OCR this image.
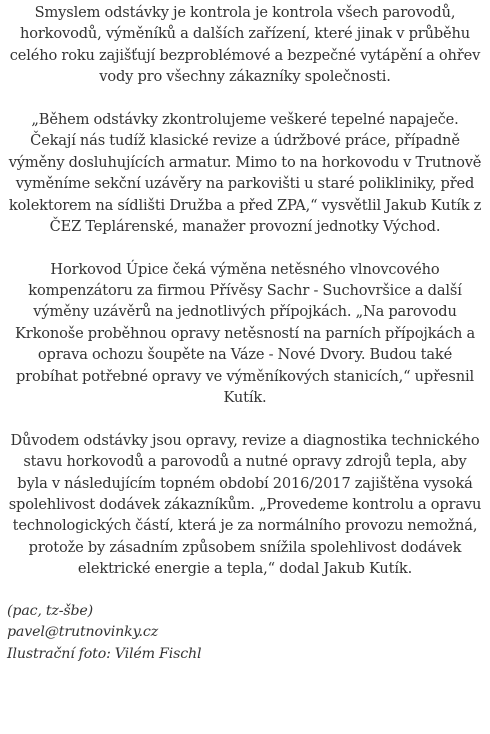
Smyslem odstávky je kontrola je kontrola všech parovodů, horkovodů, výměníků a dalších zařízení, které jinak v průběhu celého roku zajišťují bezproblémové a bezpečné vytápění a ohřev vody pro všechny zákazníky společnosti.

„Během odstávky zkontrolujeme veškeré tepelné napaječe. Čekají nás tudíž klasické revize a údržbové práce, případně výměny dosluhujících armatur. Mimo to na horkovodu v Trutnově vyměníme sekční uzávěry na parkovišti u staré polikliniky, před kolektorem na sídlišti Družba a před ZPA,“ vysvětlil Jakub Kutík z ČEZ Teplárenské, manažer provozní jednotky Východ.

Horkovod Úpice čeká výměna netěsného vlnovcového kompenzátoru za firmou Přívěsy Sachr - Suchovršice a další výměny uzávěrů na jednotlivých přípojkách. „Na parovodu Krkonoše proběhnou opravy netěsností na parních přípojkách a oprava ochozu šoupěte na Váze - Nové Dvory. Budou také probíhat potřebné opravy ve výměníkových stanicích,“ upřesnil Kutík.

Důvodem odstávky jsou opravy, revize a diagnostika technického stavu horkovodů a parovodů a nutné opravy zdrojů tepla, aby byla v následujícím topném období 2016/2017 zajištěna vysoká spolehlivost dodávek zákazníkům. „Provedeme kontrolu a opravu technologických částí, která je za normálního provozu nemožná, protože by zásadním způsobem snížila spolehlivost dodávek elektrické energie a tepla,“ dodal Jakub Kutík.

(pac, tz-šbe)
pavel@trutnovinky.cz
Ilustrační foto: Vilém Fischl
